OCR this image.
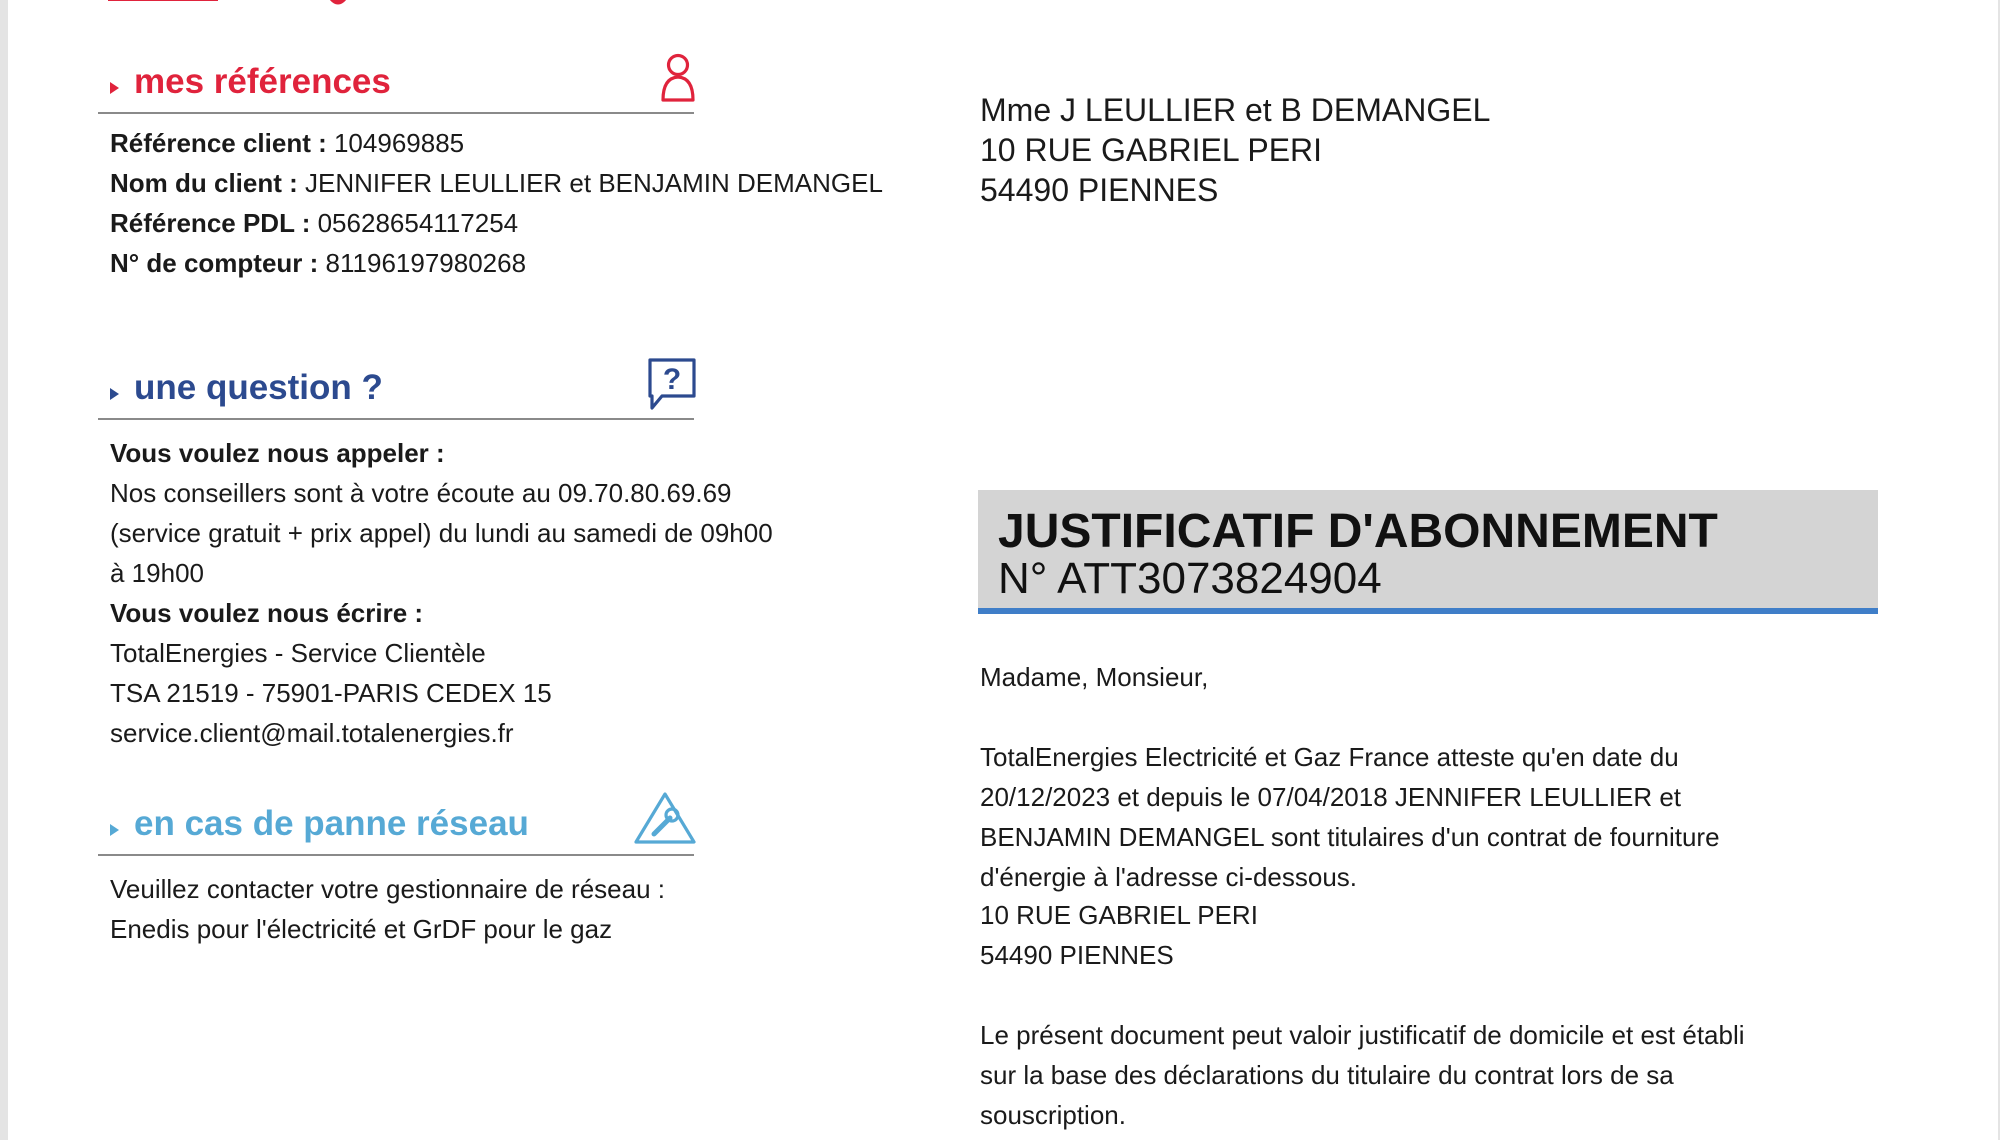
mes références
Référence client : 104969885
Nom du client : JENNIFER LEULLIER et BENJAMIN DEMANGEL
Référence PDL : 05628654117254
N° de compteur : 81196197980268
une question ?	?
Vous voulez nous appeler :
Nos conseillers sont à votre écoute au 09.70.80.69.69
(service gratuit + prix appel) du lundi au samedi de 09h00
à 19h00
Vous voulez nous écrire :
TotalEnergies - Service Clientèle
TSA 21519 - 75901-PARIS CEDEX 15
service.client@mail.totalenergies.fr
en cas de panne réseau
Veuillez contacter votre gestionnaire de réseau :
Enedis pour l'électricité et GrDF pour le gaz
Mme J LEULLIER et B DEMANGEL
10 RUE GABRIEL PERI
54490 PIENNES
JUSTIFICATIF D'ABONNEMENT
N° ATT3073824904
Madame, Monsieur,
TotalEnergies Electricité et Gaz France atteste qu'en date du
20/12/2023 et depuis le 07/04/2018 JENNIFER LEULLIER et
BENJAMIN DEMANGEL sont titulaires d'un contrat de fourniture
d'énergie à l'adresse ci-dessous.
10 RUE GABRIEL PERI
54490 PIENNES
Le présent document peut valoir justificatif de domicile et est établi
sur la base des déclarations du titulaire du contrat lors de sa
souscription.
